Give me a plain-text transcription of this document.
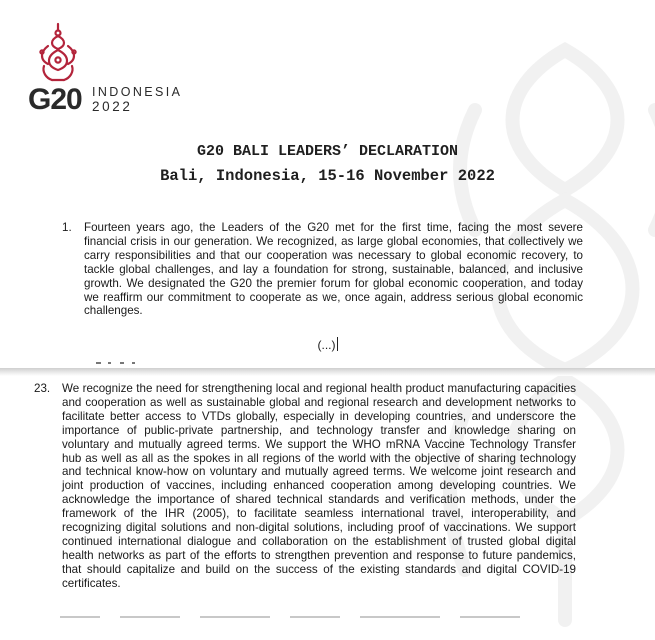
G20 INDONESIA
2022
G20 BALI LEADERS’ DECLARATION
Bali, Indonesia, 15-16 November 2022
1. Fourteen years ago, the Leaders of the G20 met for the first time, facing the most severe financial crisis in our generation. We recognized, as large global economies, that collectively we carry responsibilities and that our cooperation was necessary to global economic recovery, to tackle global challenges, and lay a foundation for strong, sustainable, balanced, and inclusive growth. We designated the G20 the premier forum for global economic cooperation, and today we reaffirm our commitment to cooperate as we, once again, address serious global economic challenges.
(...)
23. We recognize the need for strengthening local and regional health product manufacturing capacities and cooperation as well as sustainable global and regional research and development networks to facilitate better access to VTDs globally, especially in developing countries, and underscore the importance of public-private partnership, and technology transfer and knowledge sharing on voluntary and mutually agreed terms. We support the WHO mRNA Vaccine Technology Transfer hub as well as all as the spokes in all regions of the world with the objective of sharing technology and technical know-how on voluntary and mutually agreed terms. We welcome joint research and joint production of vaccines, including enhanced cooperation among developing countries. We acknowledge the importance of shared technical standards and verification methods, under the framework of the IHR (2005), to facilitate seamless international travel, interoperability, and recognizing digital solutions and non-digital solutions, including proof of vaccinations. We support continued international dialogue and collaboration on the establishment of trusted global digital health networks as part of the efforts to strengthen prevention and response to future pandemics, that should capitalize and build on the success of the existing standards and digital COVID-19 certificates.
